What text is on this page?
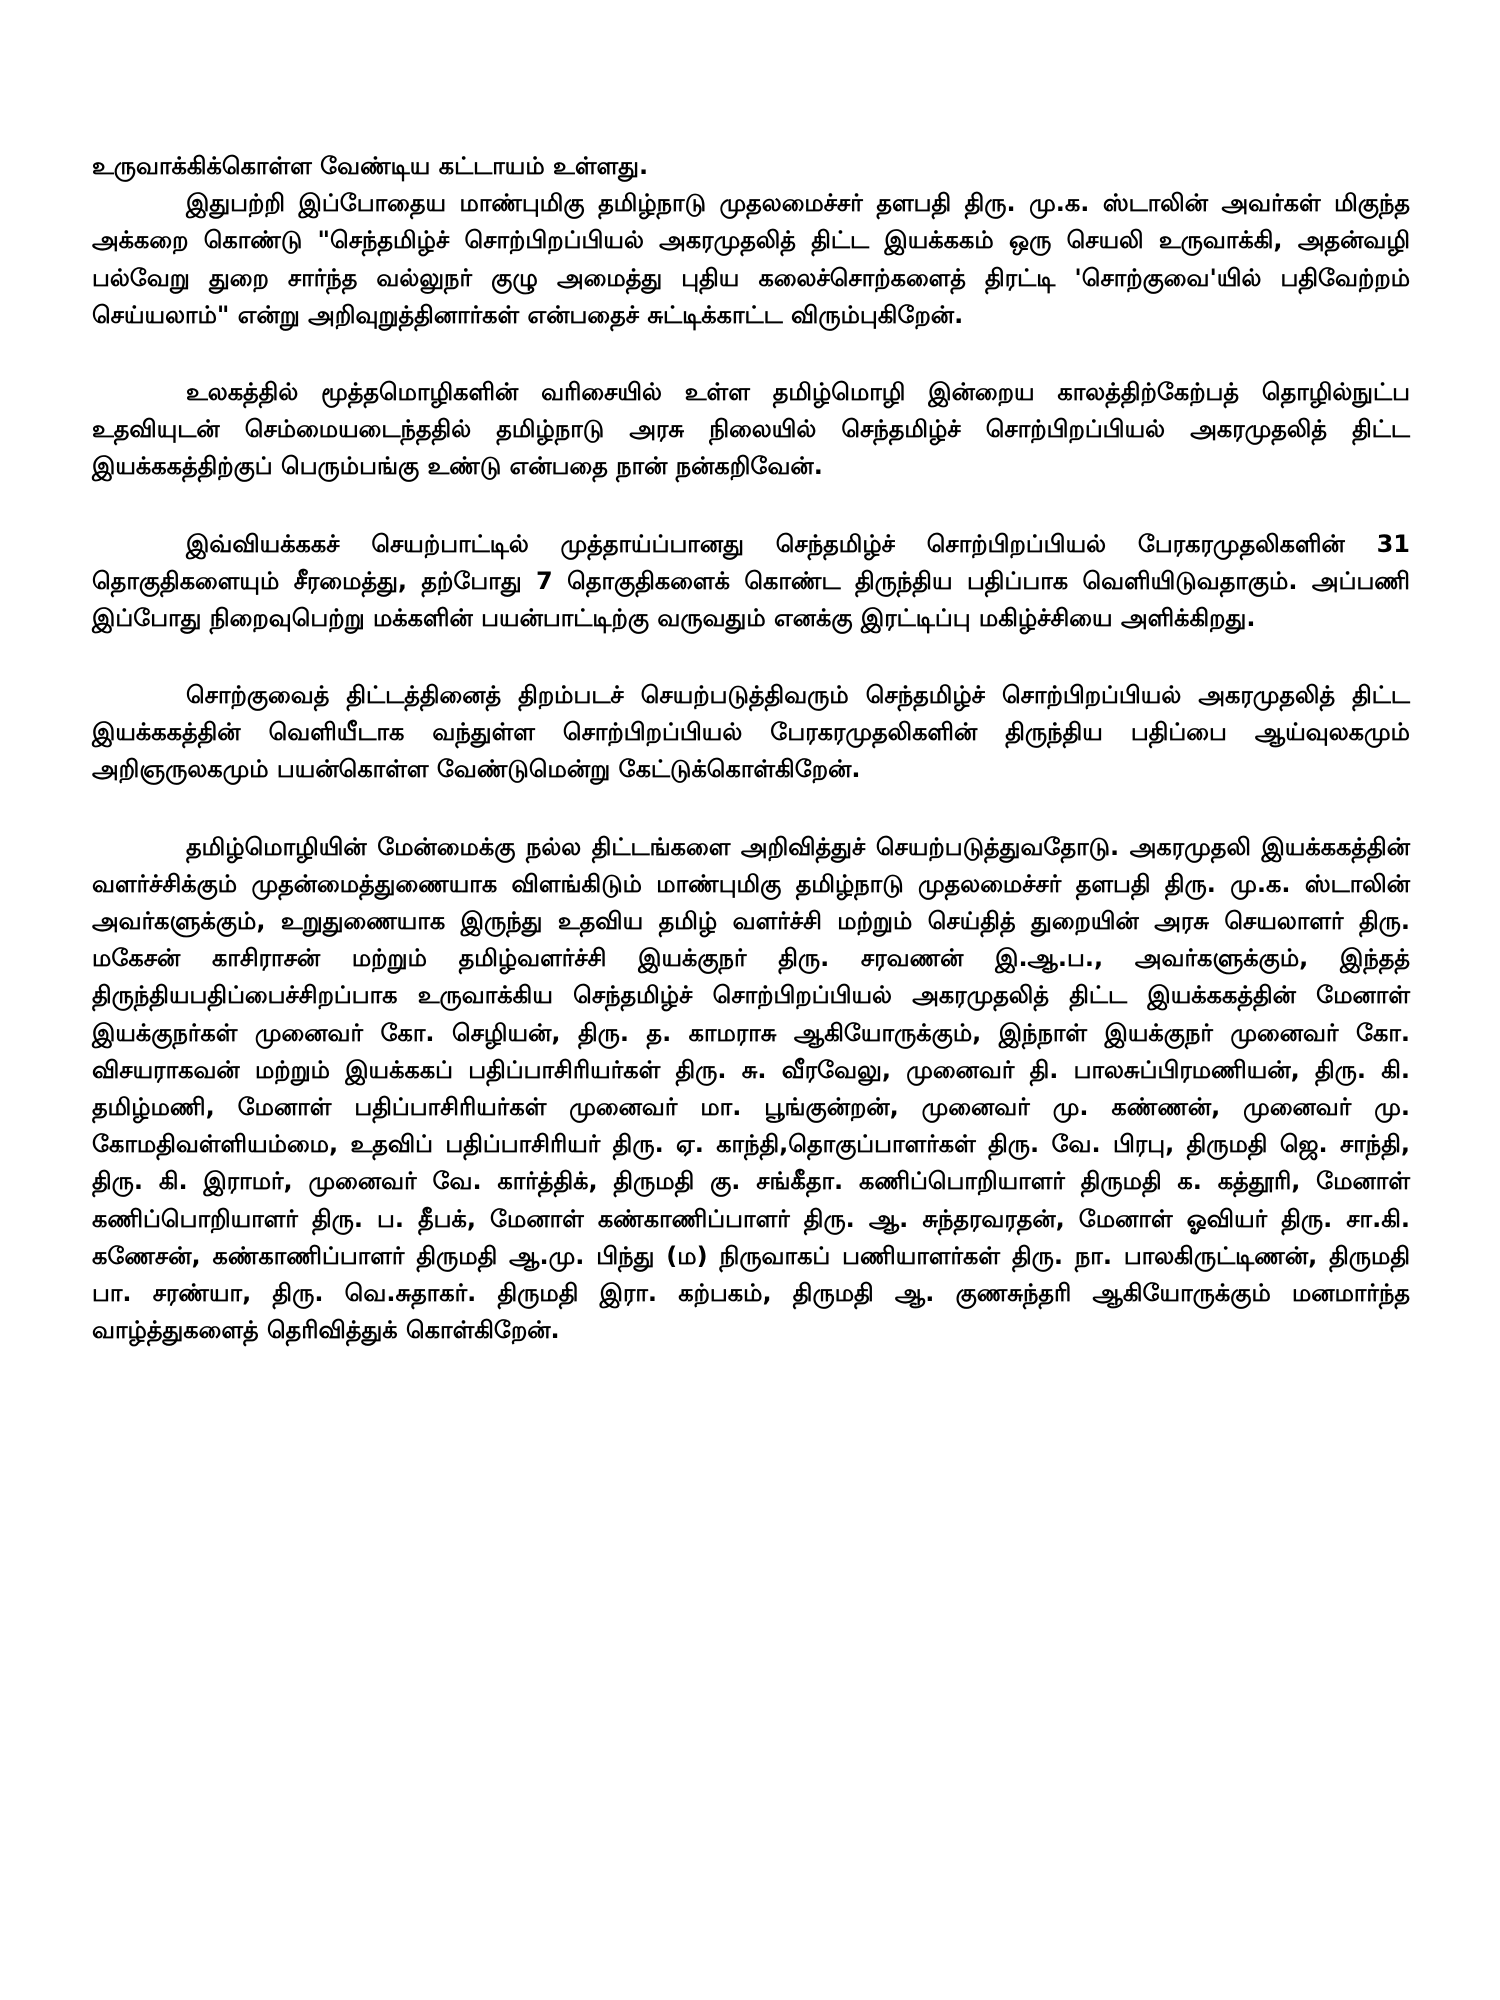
உருவாக்கிக்கொள்ள வேண்டிய கட்டாயம் உள்ளது.

இதுபற்றி இப்போதைய மாண்புமிகு தமிழ்நாடு முதலமைச்சர் தளபதி திரு. மு.க. ஸ்டாலின் அவர்கள் மிகுந்த அக்கறை கொண்டு "செந்தமிழ்ச் சொற்பிறப்பியல் அகரமுதலித் திட்ட இயக்ககம் ஒரு செயலி உருவாக்கி, அதன்வழி பல்வேறு துறை சார்ந்த வல்லுநர் குழு அமைத்து புதிய கலைச்சொற்களைத் திரட்டி 'சொற்குவை'யில் பதிவேற்றம் செய்யலாம்" என்று அறிவுறுத்தினார்கள் என்பதைச் சுட்டிக்காட்ட விரும்புகிறேன்.

உலகத்தில் மூத்தமொழிகளின் வரிசையில் உள்ள தமிழ்மொழி இன்றைய காலத்திற்கேற்பத் தொழில்நுட்ப உதவியுடன் செம்மையடைந்ததில் தமிழ்நாடு அரசு நிலையில் செந்தமிழ்ச் சொற்பிறப்பியல் அகரமுதலித் திட்ட இயக்ககத்திற்குப் பெரும்பங்கு உண்டு என்பதை நான் நன்கறிவேன்.

இவ்வியக்ககச் செயற்பாட்டில் முத்தாய்ப்பானது செந்தமிழ்ச் சொற்பிறப்பியல் பேரகரமுதலிகளின் 31 தொகுதிகளையும் சீரமைத்து, தற்போது 7 தொகுதிகளைக் கொண்ட திருந்திய பதிப்பாக வெளியிடுவதாகும். அப்பணி இப்போது நிறைவுபெற்று மக்களின் பயன்பாட்டிற்கு வருவதும் எனக்கு இரட்டிப்பு மகிழ்ச்சியை அளிக்கிறது.

சொற்குவைத் திட்டத்தினைத் திறம்படச் செயற்படுத்திவரும் செந்தமிழ்ச் சொற்பிறப்பியல் அகரமுதலித் திட்ட இயக்ககத்தின் வெளியீடாக வந்துள்ள சொற்பிறப்பியல் பேரகரமுதலிகளின் திருந்திய பதிப்பை ஆய்வுலகமும் அறிஞருலகமும் பயன்கொள்ள வேண்டுமென்று கேட்டுக்கொள்கிறேன்.

தமிழ்மொழியின் மேன்மைக்கு நல்ல திட்டங்களை அறிவித்துச் செயற்படுத்துவதோடு. அகரமுதலி இயக்ககத்தின் வளர்ச்சிக்கும் முதன்மைத்துணையாக விளங்கிடும் மாண்புமிகு தமிழ்நாடு முதலமைச்சர் தளபதி திரு. மு.க. ஸ்டாலின் அவர்களுக்கும், உறுதுணையாக இருந்து உதவிய தமிழ் வளர்ச்சி மற்றும் செய்தித் துறையின் அரசு செயலாளர் திரு. மகேசன் காசிராசன் மற்றும் தமிழ்வளர்ச்சி இயக்குநர் திரு. சரவணன் இ.ஆ.ப., அவர்களுக்கும், இந்தத் திருந்தியபதிப்பைச்சிறப்பாக உருவாக்கிய செந்தமிழ்ச் சொற்பிறப்பியல் அகரமுதலித் திட்ட இயக்ககத்தின் மேனாள் இயக்குநர்கள் முனைவர் கோ. செழியன், திரு. த. காமராசு ஆகியோருக்கும், இந்நாள் இயக்குநர் முனைவர் கோ. விசயராகவன் மற்றும் இயக்ககப் பதிப்பாசிரியர்கள் திரு. சு. வீரவேலு, முனைவர் தி. பாலசுப்பிரமணியன், திரு. கி. தமிழ்மணி, மேனாள் பதிப்பாசிரியர்கள் முனைவர் மா. பூங்குன்றன், முனைவர் மு. கண்ணன், முனைவர் மு. கோமதிவள்ளியம்மை, உதவிப் பதிப்பாசிரியர் திரு. ஏ. காந்தி,தொகுப்பாளர்கள் திரு. வே. பிரபு, திருமதி ஜெ. சாந்தி, திரு. கி. இராமர், முனைவர் வே. கார்த்திக், திருமதி கு. சங்கீதா. கணிப்பொறியாளர் திருமதி க. கத்தூரி, மேனாள் கணிப்பொறியாளர் திரு. ப. தீபக், மேனாள் கண்காணிப்பாளர் திரு. ஆ. சுந்தரவரதன், மேனாள் ஓவியர் திரு. சா.கி. கணேசன், கண்காணிப்பாளர் திருமதி ஆ.மு. பிந்து (ம) நிருவாகப் பணியாளர்கள் திரு. நா. பாலகிருட்டிணன், திருமதி பா. சரண்யா, திரு. வெ.சுதாகர். திருமதி இரா. கற்பகம், திருமதி ஆ. குணசுந்தரி ஆகியோருக்கும் மனமார்ந்த வாழ்த்துகளைத் தெரிவித்துக் கொள்கிறேன்.
